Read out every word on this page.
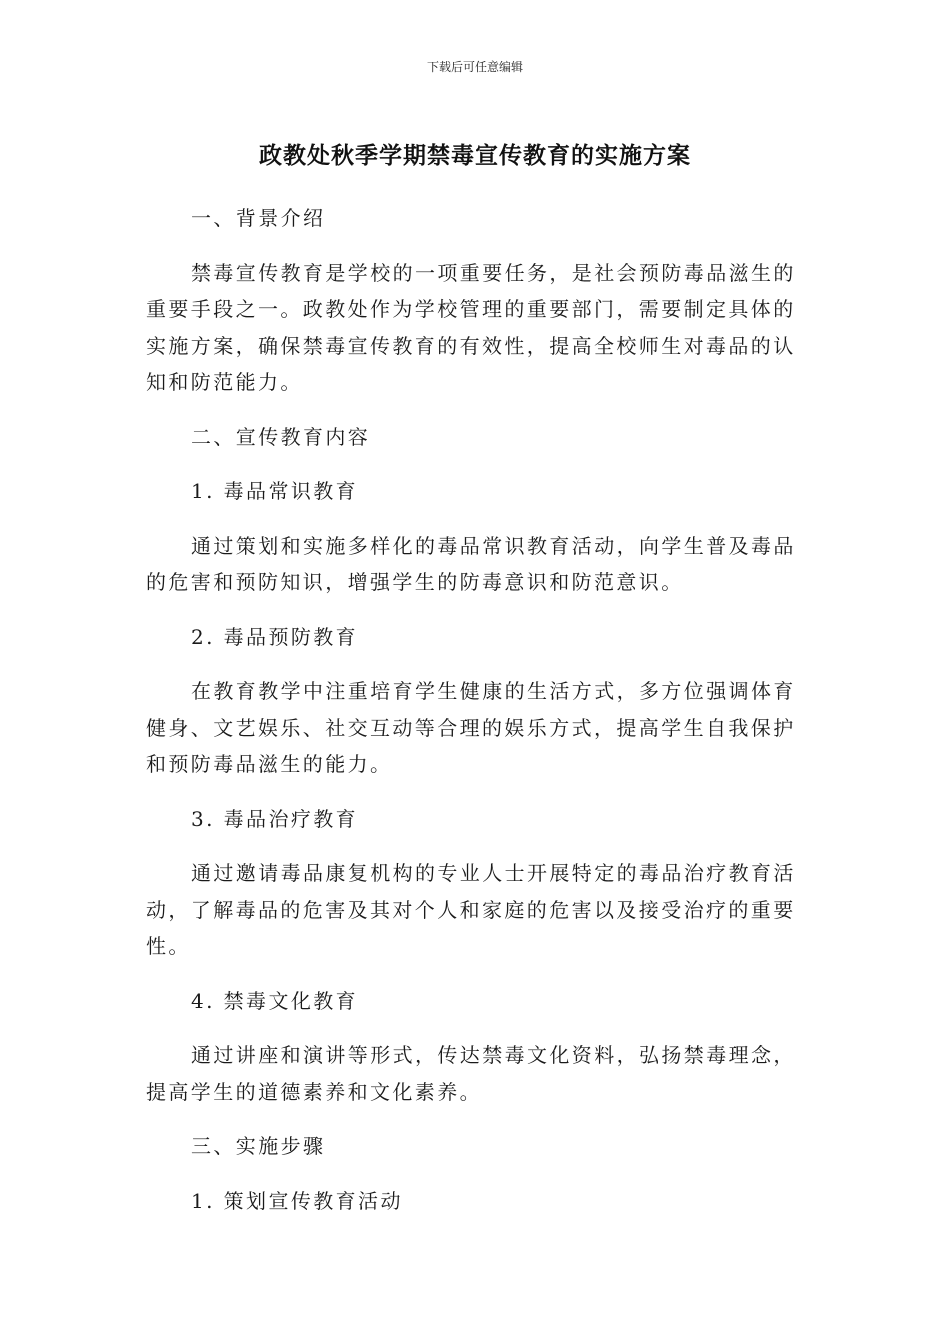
下载后可任意编辑
政教处秋季学期禁毒宣传教育的实施方案

一、背景介绍

禁毒宣传教育是学校的一项重要任务，是社会预防毒品滋生的重要手段之一。政教处作为学校管理的重要部门，需要制定具体的实施方案，确保禁毒宣传教育的有效性，提高全校师生对毒品的认知和防范能力。

二、宣传教育内容

1. 毒品常识教育

通过策划和实施多样化的毒品常识教育活动，向学生普及毒品的危害和预防知识，增强学生的防毒意识和防范意识。

2. 毒品预防教育

在教育教学中注重培育学生健康的生活方式，多方位强调体育健身、文艺娱乐、社交互动等合理的娱乐方式，提高学生自我保护和预防毒品滋生的能力。

3. 毒品治疗教育

通过邀请毒品康复机构的专业人士开展特定的毒品治疗教育活动，了解毒品的危害及其对个人和家庭的危害以及接受治疗的重要性。

4. 禁毒文化教育

通过讲座和演讲等形式，传达禁毒文化资料，弘扬禁毒理念，提高学生的道德素养和文化素养。

三、实施步骤

1. 策划宣传教育活动
